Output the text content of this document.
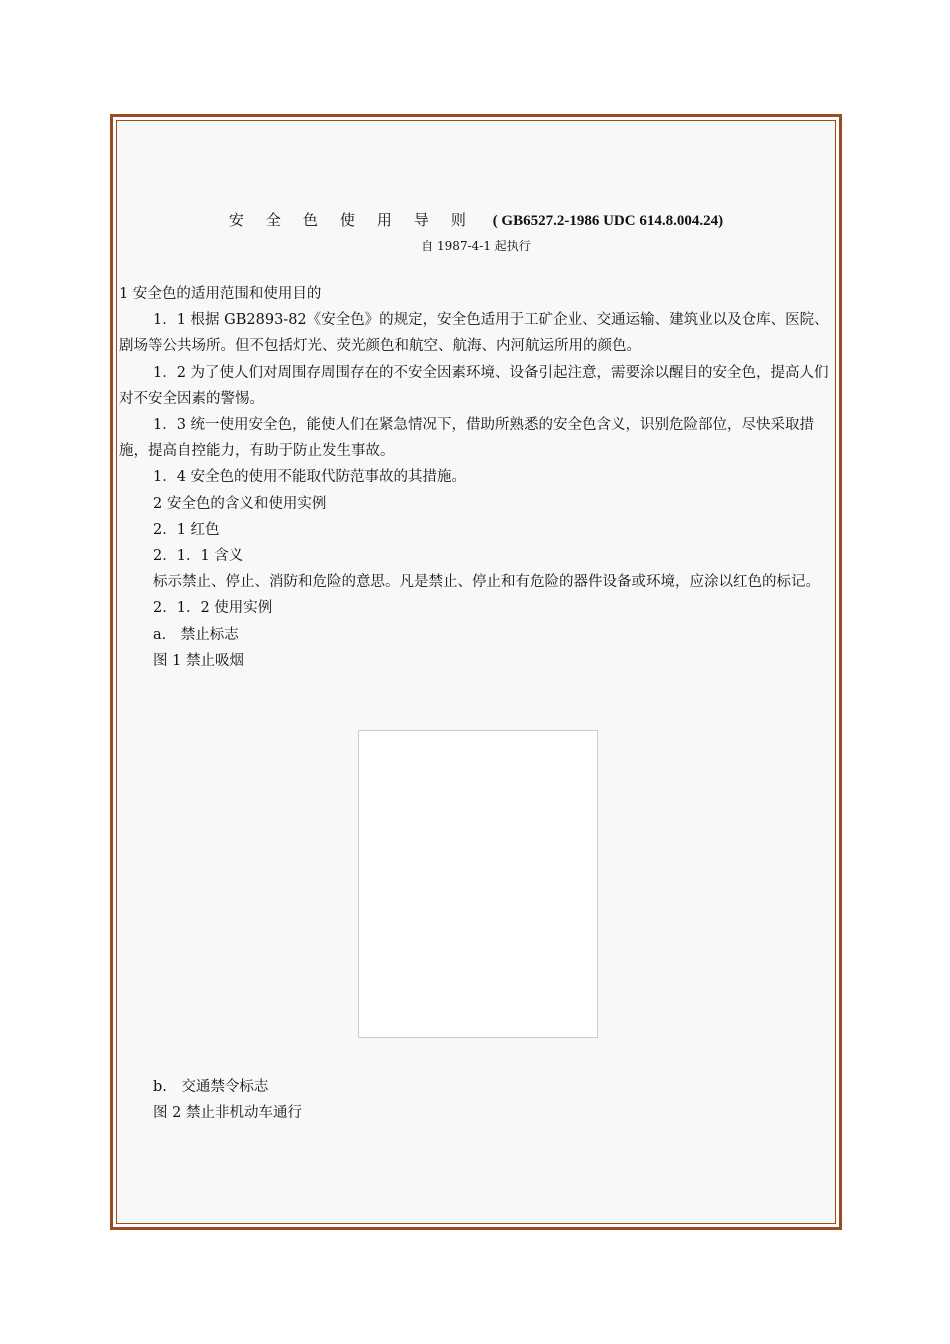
安全色使用导则 ( GB6527.2-1986 UDC 614.8.004.24)
自 1987-4-1 起执行

1 安全色的适用范围和使用目的

1．1 根据 GB2893-82《安全色》的规定，安全色适用于工矿企业、交通运输、建筑业以及仓库、医院、剧场等公共场所。但不包括灯光、荧光颜色和航空、航海、内河航运所用的颜色。

1．2 为了使人们对周围存周围存在的不安全因素环境、设备引起注意，需要涂以醒目的安全色，提高人们对不安全因素的警惕。

1．3 统一使用安全色，能使人们在紧急情况下，借助所熟悉的安全色含义，识别危险部位，尽快采取措施，提高自控能力，有助于防止发生事故。

1．4 安全色的使用不能取代防范事故的其措施。

2 安全色的含义和使用实例

2．1 红色

2．1．1 含义

标示禁止、停止、消防和危险的意思。凡是禁止、停止和有危险的器件设备或环境，应涂以红色的标记。

2．1．2 使用实例

a.　禁止标志

图 1 禁止吸烟

b.　交通禁令标志

图 2 禁止非机动车通行
